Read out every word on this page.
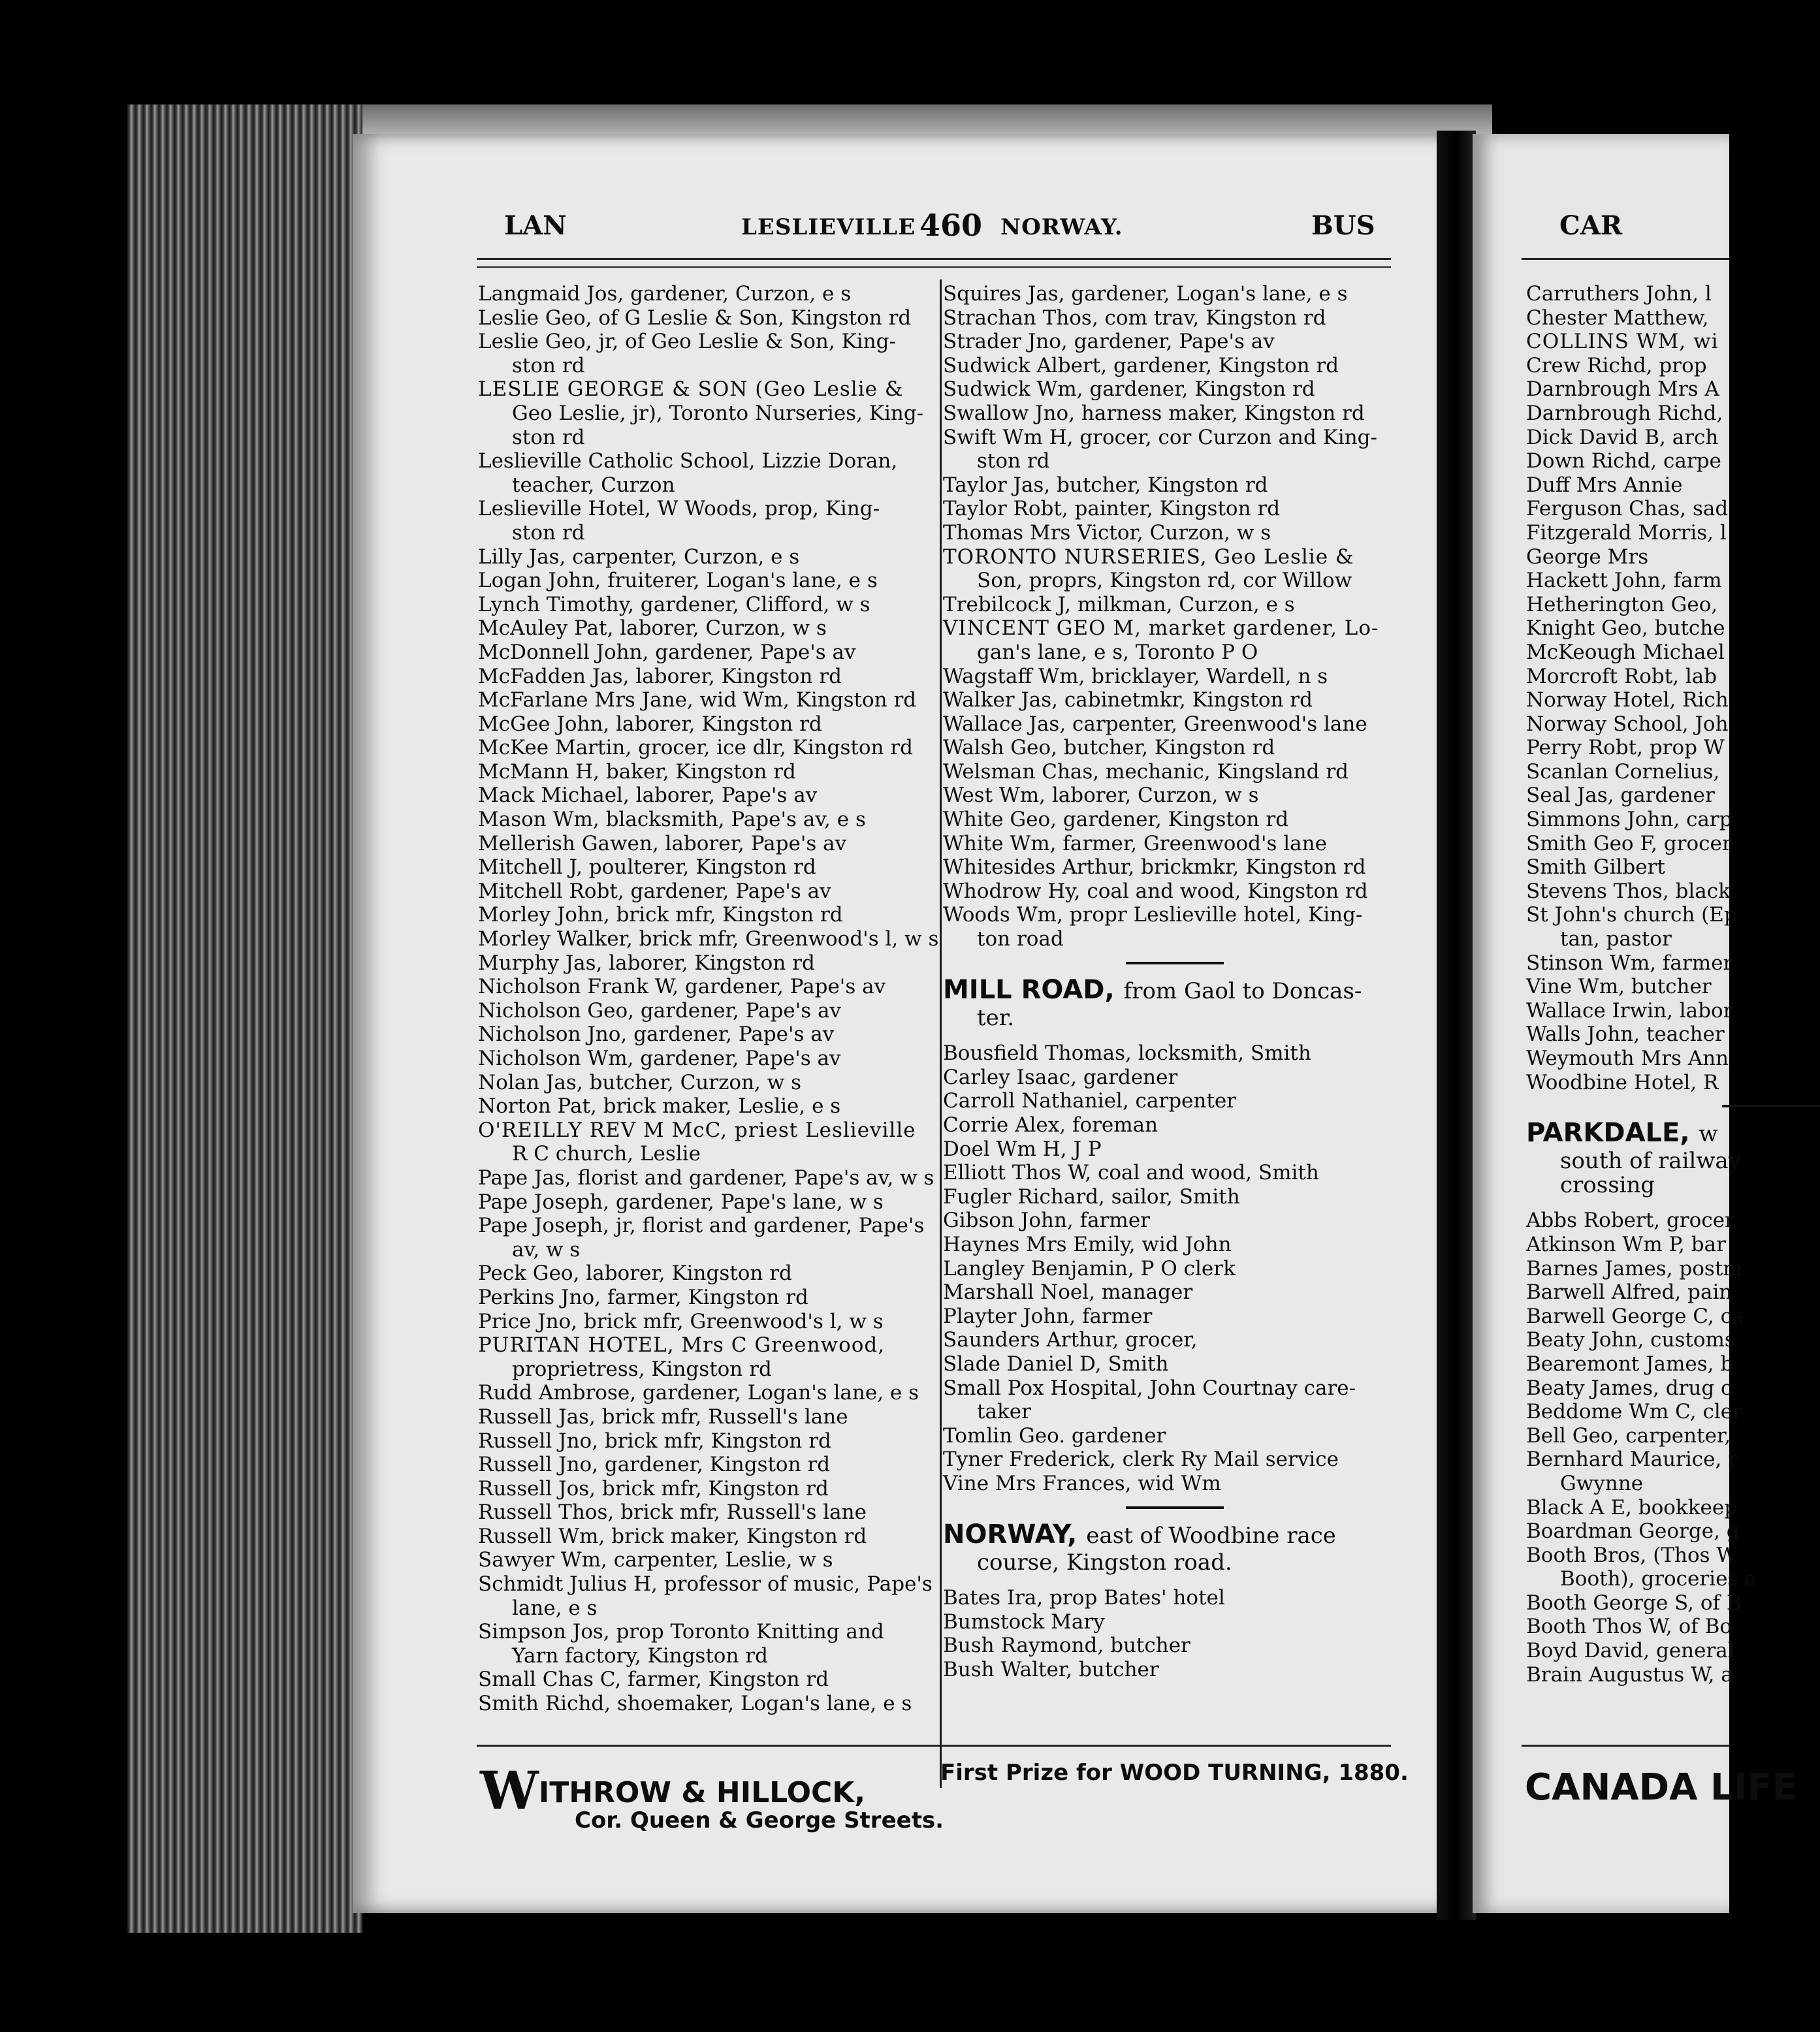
LAN	LESLIEVILLE 460 NORWAY.	BUS	CAR
Langmaid Jos, gardener, Curzon, e s
Leslie Geo, of G Leslie & Son, Kingston rd
Leslie Geo, jr, of Geo Leslie & Son, King-
ston rd
LESLIE GEORGE & SON (Geo Leslie &
Geo Leslie, jr), Toronto Nurseries, King-
ston rd
Leslieville Catholic School, Lizzie Doran,
teacher, Curzon
Leslieville Hotel, W Woods, prop, King-
ston rd
Lilly Jas, carpenter, Curzon, e s
Logan John, fruiterer, Logan's lane, e s
Lynch Timothy, gardener, Clifford, w s
McAuley Pat, laborer, Curzon, w s
McDonnell John, gardener, Pape's av
McFadden Jas, laborer, Kingston rd
McFarlane Mrs Jane, wid Wm, Kingston rd
McGee John, laborer, Kingston rd
McKee Martin, grocer, ice dlr, Kingston rd
McMann H, baker, Kingston rd
Mack Michael, laborer, Pape's av
Mason Wm, blacksmith, Pape's av, e s
Mellerish Gawen, laborer, Pape's av
Mitchell J, poulterer, Kingston rd
Mitchell Robt, gardener, Pape's av
Morley John, brick mfr, Kingston rd
Morley Walker, brick mfr, Greenwood's l, w s
Murphy Jas, laborer, Kingston rd
Nicholson Frank W, gardener, Pape's av
Nicholson Geo, gardener, Pape's av
Nicholson Jno, gardener, Pape's av
Nicholson Wm, gardener, Pape's av
Nolan Jas, butcher, Curzon, w s
Norton Pat, brick maker, Leslie, e s
O'REILLY REV M McC, priest Leslieville
R C church, Leslie
Pape Jas, florist and gardener, Pape's av, w s
Pape Joseph, gardener, Pape's lane, w s
Pape Joseph, jr, florist and gardener, Pape's
av, w s
Peck Geo, laborer, Kingston rd
Perkins Jno, farmer, Kingston rd
Price Jno, brick mfr, Greenwood's l, w s
PURITAN HOTEL, Mrs C Greenwood,
proprietress, Kingston rd
Rudd Ambrose, gardener, Logan's lane, e s
Russell Jas, brick mfr, Russell's lane
Russell Jno, brick mfr, Kingston rd
Russell Jno, gardener, Kingston rd
Russell Jos, brick mfr, Kingston rd
Russell Thos, brick mfr, Russell's lane
Russell Wm, brick maker, Kingston rd
Sawyer Wm, carpenter, Leslie, w s
Schmidt Julius H, professor of music, Pape's
lane, e s
Simpson Jos, prop Toronto Knitting and
Yarn factory, Kingston rd
Small Chas C, farmer, Kingston rd
Smith Richd, shoemaker, Logan's lane, e s
Squires Jas, gardener, Logan's lane, e s
Strachan Thos, com trav, Kingston rd
Strader Jno, gardener, Pape's av
Sudwick Albert, gardener, Kingston rd
Sudwick Wm, gardener, Kingston rd
Swallow Jno, harness maker, Kingston rd
Swift Wm H, grocer, cor Curzon and King-
ston rd
Taylor Jas, butcher, Kingston rd
Taylor Robt, painter, Kingston rd
Thomas Mrs Victor, Curzon, w s
TORONTO NURSERIES, Geo Leslie &
Son, proprs, Kingston rd, cor Willow
Trebilcock J, milkman, Curzon, e s
VINCENT GEO M, market gardener, Lo-
gan's lane, e s, Toronto P O
Wagstaff Wm, bricklayer, Wardell, n s
Walker Jas, cabinetmkr, Kingston rd
Wallace Jas, carpenter, Greenwood's lane
Walsh Geo, butcher, Kingston rd
Welsman Chas, mechanic, Kingsland rd
West Wm, laborer, Curzon, w s
White Geo, gardener, Kingston rd
White Wm, farmer, Greenwood's lane
Whitesides Arthur, brickmkr, Kingston rd
Whodrow Hy, coal and wood, Kingston rd
Woods Wm, propr Leslieville hotel, King-
ton road
MILL ROAD, from Gaol to Doncas-
ter.
Bousfield Thomas, locksmith, Smith
Carley Isaac, gardener
Carroll Nathaniel, carpenter
Corrie Alex, foreman
Doel Wm H, J P
Elliott Thos W, coal and wood, Smith
Fugler Richard, sailor, Smith
Gibson John, farmer
Haynes Mrs Emily, wid John
Langley Benjamin, P O clerk
Marshall Noel, manager
Playter John, farmer
Saunders Arthur, grocer,
Slade Daniel D, Smith
Small Pox Hospital, John Courtnay care-
taker
Tomlin Geo. gardener
Tyner Frederick, clerk Ry Mail service
Vine Mrs Frances, wid Wm
NORWAY, east of Woodbine race
course, Kingston road.
Bates Ira, prop Bates' hotel
Bumstock Mary
Bush Raymond, butcher
Bush Walter, butcher
WITHROW & HILLOCK,
Cor. Queen & George Streets.
First Prize for WOOD TURNING, 1880.
Carruthers John, l
Chester Matthew,
COLLINS WM, wi
Crew Richd, prop
Darnbrough Mrs A
Darnbrough Richd,
Dick David B, arch
Down Richd, carpe
Duff Mrs Annie
Ferguson Chas, sad
Fitzgerald Morris, l
George Mrs
Hackett John, farm
Hetherington Geo,
Knight Geo, butche
McKeough Michael
Morcroft Robt, lab
Norway Hotel, Rich
Norway School, Joh
Perry Robt, prop W
Scanlan Cornelius,
Seal Jas, gardener
Simmons John, carp
Smith Geo F, grocer
Smith Gilbert
Stevens Thos, black
St John's church (Ep
tan, pastor
Stinson Wm, farmer
Vine Wm, butcher
Wallace Irwin, labor
Walls John, teacher
Weymouth Mrs Ann
Woodbine Hotel, R
PARKDALE, w
south of railway
crossing
Abbs Robert, grocer,
Atkinson Wm P, bar
Barnes James, postm
Barwell Alfred, pain
Barwell George C, ca
Beaty John, customs
Bearemont James, b
Beaty James, drug c
Beddome Wm C, cler
Bell Geo, carpenter,
Bernhard Maurice, r
Gwynne
Black A E, bookkeep
Boardman George, g
Booth Bros, (Thos W
Booth), groceries a
Booth George S, of B
Booth Thos W, of Bo
Boyd David, general
Brain Augustus W, a
CANADA LIFE
